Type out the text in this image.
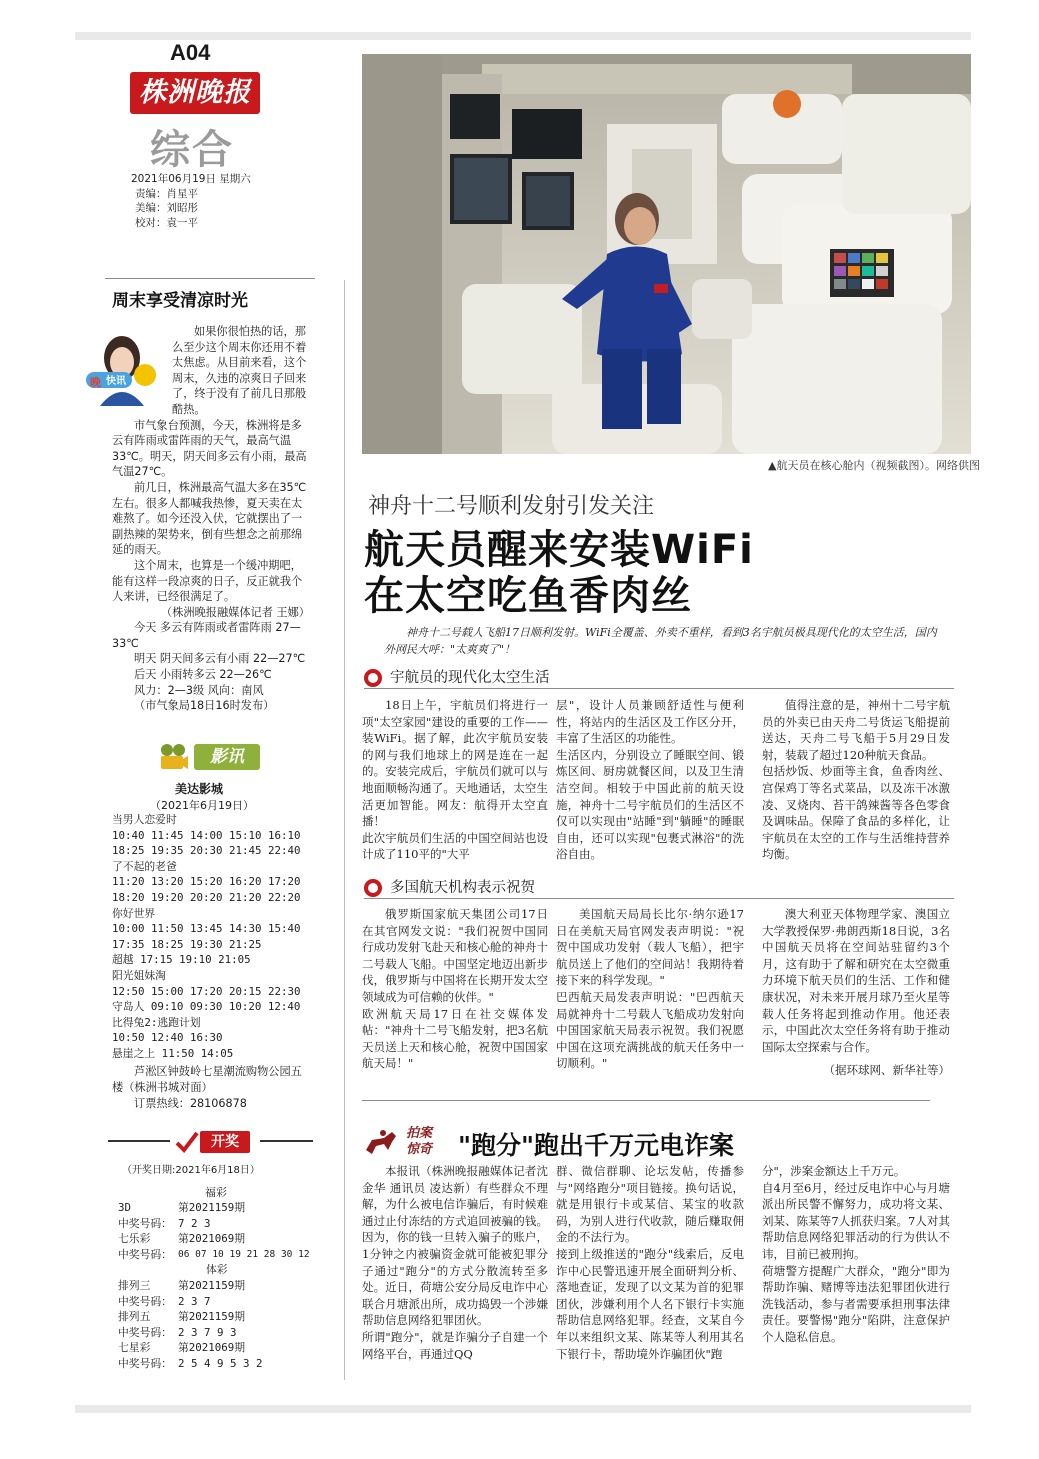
A04
株洲晚报
综合
2021年06月19日 星期六
责编：肖星平
美编：刘昭彤
校对：袁一平
周末享受清凉时光
晚 快讯

如果你很怕热的话，那么至少这个周末你还用不着太焦虑。从目前来看，这个周末，久违的凉爽日子回来了，终于没有了前几日那般酷热。

市气象台预测，今天，株洲将是多云有阵雨或雷阵雨的天气，最高气温33℃。明天，阴天间多云有小雨，最高气温27℃。

前几日，株洲最高气温大多在35℃左右。很多人都喊我热惨，夏天卖在太难熬了。如今还没入伏，它就摆出了一副热辣的架势来，倒有些想念之前那绵延的雨天。

这个周末，也算是一个缓冲期吧，能有这样一段凉爽的日子，反正就我个人来讲，已经很满足了。

（株洲晚报融媒体记者 王娜）

今天 多云有阵雨或者雷阵雨 27—33℃

明天 阴天间多云有小雨 22—27℃

后天 小雨转多云 22—26℃

风力：2—3级 风向：南风

（市气象局18日16时发布）

影讯
美达影城
（2021年6月19日）
当男人恋爱时
10:40 11:45 14:00 15:10 16:10
18:25 19:35 20:30 21:45 22:40
了不起的老爸
11:20 13:20 15:20 16:20 17:20
18:20 19:20 20:20 21:20 22:20
你好世界
10:00 11:50 13:45 14:30 15:40
17:35 18:25 19:30 21:25
超越 17:15 19:10 21:05
阳光姐妹淘
12:50 15:00 17:20 20:15 22:30
守岛人 09:10 09:30 10:20 12:40
比得兔2:逃跑计划
10:50 12:40 16:30
悬崖之上 11:50 14:05
芦淞区钟鼓岭七星潮流购物公园五楼（株洲书城对面）
订票热线：28106878
开奖
（开奖日期:2021年6月18日）
福彩
3D	第2021159期
中奖号码： 7 2 3
七乐彩	第2021069期
中奖号码： 06 07 10 19 21 28 30 12
体彩
排列三	第2021159期
中奖号码： 2 3 7
排列五	第2021159期
中奖号码： 2 3 7 9 3
七星彩	第2021069期
中奖号码： 2 5 4 9 5 3 2
▲航天员在核心舱内（视频截图）。网络供图
神舟十二号顺利发射引发关注
航天员醒来安装WiFi
在太空吃鱼香肉丝
神舟十二号载人飞船17日顺利发射。WiFi全覆盖、外卖不重样，看到3名宇航员极具现代化的太空生活，国内外网民大呼："太爽爽了"！
宇航员的现代化太空生活
18日上午，宇航员们将进行一项"太空家园"建设的重要的工作——装WiFi。据了解，此次宇航员安装的网与我们地球上的网是连在一起的。安装完成后，宇航员们就可以与地面顺畅沟通了。天地通话，太空生活更加智能。网友：航得开太空直播！
此次宇航员们生活的中国空间站也设计成了110平的"大平
层"，设计人员兼顾舒适性与便利性，将站内的生活区及工作区分开，丰富了生活区的功能性。
生活区内，分别设立了睡眠空间、锻炼区间、厨房就餐区间，以及卫生清洁空间。相较于中国此前的航天设施，神舟十二号宇航员们的生活区不仅可以实现由"站睡"到"躺睡"的睡眠自由，还可以实现"包裹式淋浴"的洗浴自由。
值得注意的是，神州十二号宇航员的外卖已由天舟二号货运飞船提前送达，天舟二号飞船于5月29日发射，装载了超过120种航天食品。
包括炒饭、炒面等主食，鱼香肉丝、宫保鸡丁等名式菜品，以及冻干冰激凌、叉烧肉、苔干鸽辣酱等各色零食及调味品。保障了食品的多样化，让宇航员在太空的工作与生活维持营养均衡。
多国航天机构表示祝贺
俄罗斯国家航天集团公司17日在其官网发文说："我们祝贺中国同行成功发射飞赴天和核心舱的神舟十二号载人飞船。中国坚定地迈出新步伐，俄罗斯与中国将在长期开发太空领域成为可信赖的伙伴。"
欧洲航天局17日在社交媒体发帖："神舟十二号飞船发射，把3名航天员送上天和核心舱，祝贺中国国家航天局！"
美国航天局局长比尔·纳尔逊17日在美航天局官网发表声明说："祝贺中国成功发射（载人飞船），把宇航员送上了他们的空间站！我期待着接下来的科学发现。"
巴西航天局发表声明说："巴西航天局就神舟十二号载人飞船成功发射向中国国家航天局表示祝贺。我们祝愿中国在这项充满挑战的航天任务中一切顺利。"
澳大利亚天体物理学家、澳国立大学教授保罗·弗朗西斯18日说，3名中国航天员将在空间站驻留约3个月，这有助于了解和研究在太空微重力环境下航天员们的生活、工作和健康状况，对未来开展月球乃至火星等载人任务将起到推动作用。他还表示，中国此次太空任务将有助于推动国际太空探索与合作。
（据环球网、新华社等）
拍案惊奇	"跑分"跑出千万元电诈案
本报讯（株洲晚报融媒体记者沈金华 通讯员 凌达新）有些群众不理解，为什么被电信诈骗后，有时候难通过止付冻结的方式追回被骗的钱。因为，你的钱一旦转入骗子的账户，1分钟之内被骗资金就可能被犯罪分子通过"跑分"的方式分散流转至多处。近日，荷塘公安分局反电诈中心联合月塘派出所，成功捣毁一个涉嫌帮助信息网络犯罪团伙。
所谓"跑分"，就是诈骗分子自建一个网络平台，再通过QQ
群、微信群聊、论坛发帖，传播参与"网络跑分"项目链接。换句话说，就是用银行卡或某信、某宝的收款码，为别人进行代收款，随后赚取佣金的不法行为。
接到上级推送的"跑分"线索后，反电诈中心民警迅速开展全面研判分析、落地查证，发现了以文某为首的犯罪团伙，涉嫌利用个人名下银行卡实施帮助信息网络犯罪。经查，文某自今年以来组织文某、陈某等人利用其名下银行卡，帮助境外诈骗团伙"跑
分"，涉案金额达上千万元。
自4月至6月，经过反电诈中心与月塘派出所民警不懈努力，成功将文某、刘某、陈某等7人抓获归案。7人对其帮助信息网络犯罪活动的行为供认不讳，目前已被刑拘。
荷塘警方提醒广大群众，"跑分"即为帮助诈骗、赌博等违法犯罪团伙进行洗钱活动，参与者需要承担刑事法律责任。要警惕"跑分"陷阱，注意保护个人隐私信息。
